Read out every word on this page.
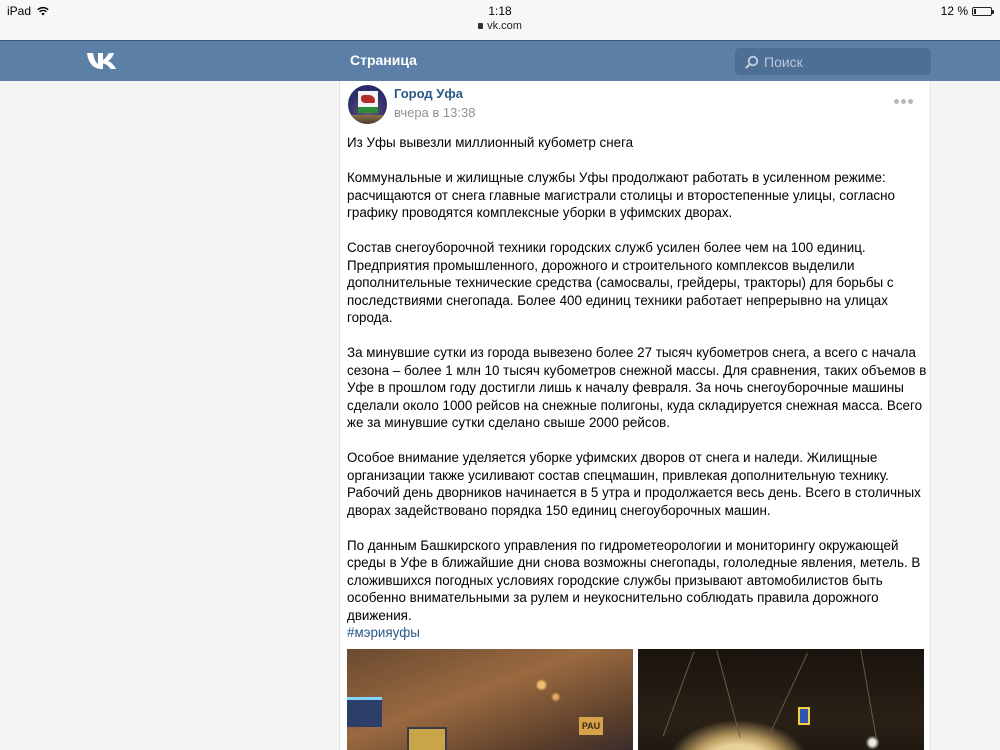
iPad	1:18
vk.com
12 %
Страница
Поиск
Город Уфа
вчера в 13:38

Из Уфы вывезли миллионный кубометр снега

Коммунальные и жилищные службы Уфы продолжают работать в усиленном режиме: расчищаются от снега главные магистрали столицы и второстепенные улицы, согласно графику проводятся комплексные уборки в уфимских дворах.

Состав снегоуборочной техники городских служб усилен более чем на 100 единиц. Предприятия промышленного, дорожного и строительного комплексов выделили дополнительные технические средства (самосвалы, грейдеры, тракторы) для борьбы с последствиями снегопада. Более 400 единиц техники работает непрерывно на улицах города.

За минувшие сутки из города вывезено более 27 тысяч кубометров снега, а всего с начала сезона – более 1 млн 10 тысяч кубометров снежной массы. Для сравнения, таких объемов в Уфе в прошлом году достигли лишь к началу февраля. За ночь снегоуборочные машины сделали около 1000 рейсов на снежные полигоны, куда складируется снежная масса. Всего же за минувшие сутки сделано свыше 2000 рейсов.

Особое внимание уделяется уборке уфимских дворов от снега и наледи. Жилищные организации также усиливают состав спецмашин, привлекая дополнительную технику. Рабочий день дворников начинается в 5 утра и продолжается весь день. Всего в столичных дворах задействовано порядка 150 единиц снегоуборочных машин.

По данным Башкирского управления по гидрометеорологии и мониторингу окружающей среды в Уфе в ближайшие дни снова возможны снегопады, гололедные явления, метель. В сложившихся погодных условиях городские службы призывают автомобилистов быть особенно внимательными за рулем и неукоснительно соблюдать правила дорожного движения.

#мэрияуфы
PAU
